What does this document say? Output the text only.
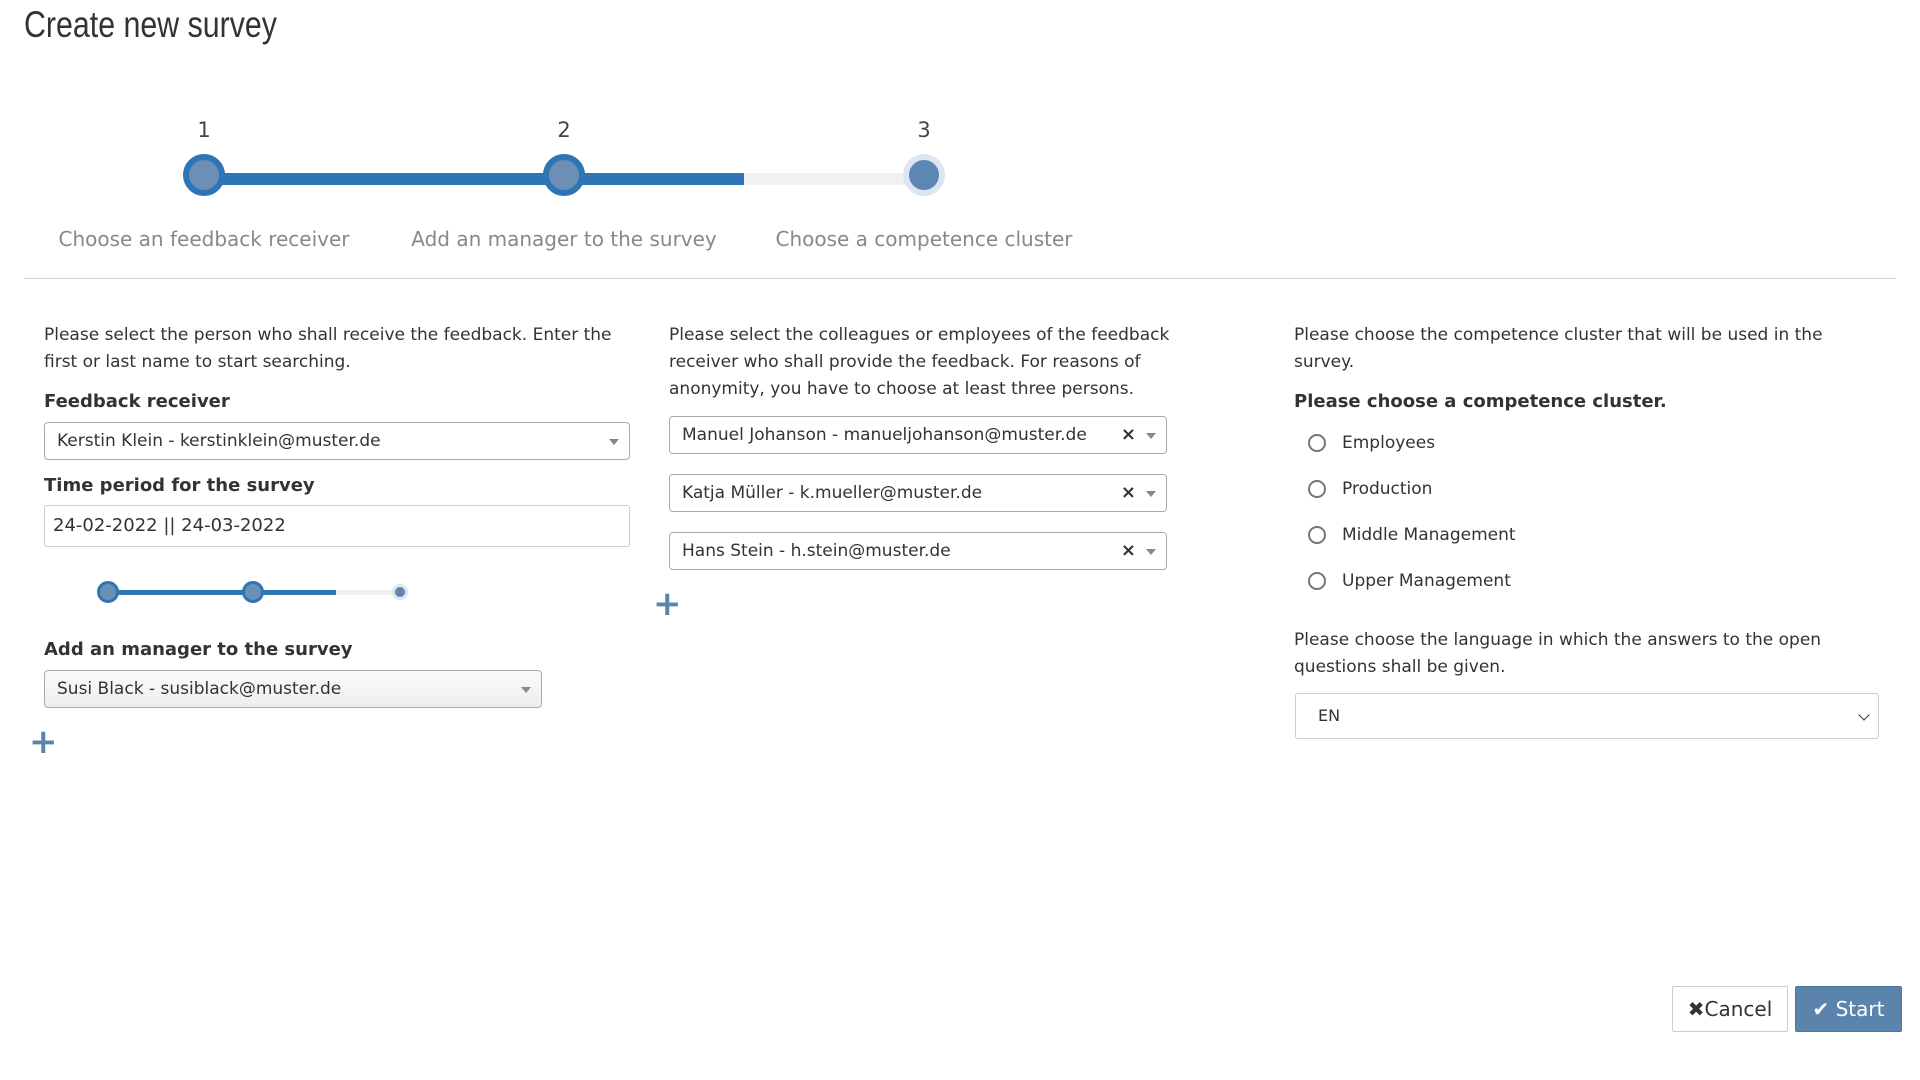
Create new survey
1	2	3
Choose an feedback receiver	Add an manager to the survey	Choose a competence cluster
Please select the person who shall receive the feedback. Enter the first or last name to start searching.
Feedback receiver
Kerstin Klein - kerstinklein@muster.de
Time period for the survey
24-02-2022 || 24-03-2022
Add an manager to the survey
Susi Black - susiblack@muster.de
+
Please select the colleagues or employees of the feedback receiver who shall provide the feedback. For reasons of anonymity, you have to choose at least three persons.
Manuel Johanson - manueljohanson@muster.de ×
Katja Müller - k.mueller@muster.de	×
Hans Stein - h.stein@muster.de	×
+
Please choose the competence cluster that will be used in the survey.
Please choose a competence cluster.
Employees
Production
Middle Management
Upper Management
Please choose the language in which the answers to the open questions shall be given.
EN
✖Cancel	✔ Start
